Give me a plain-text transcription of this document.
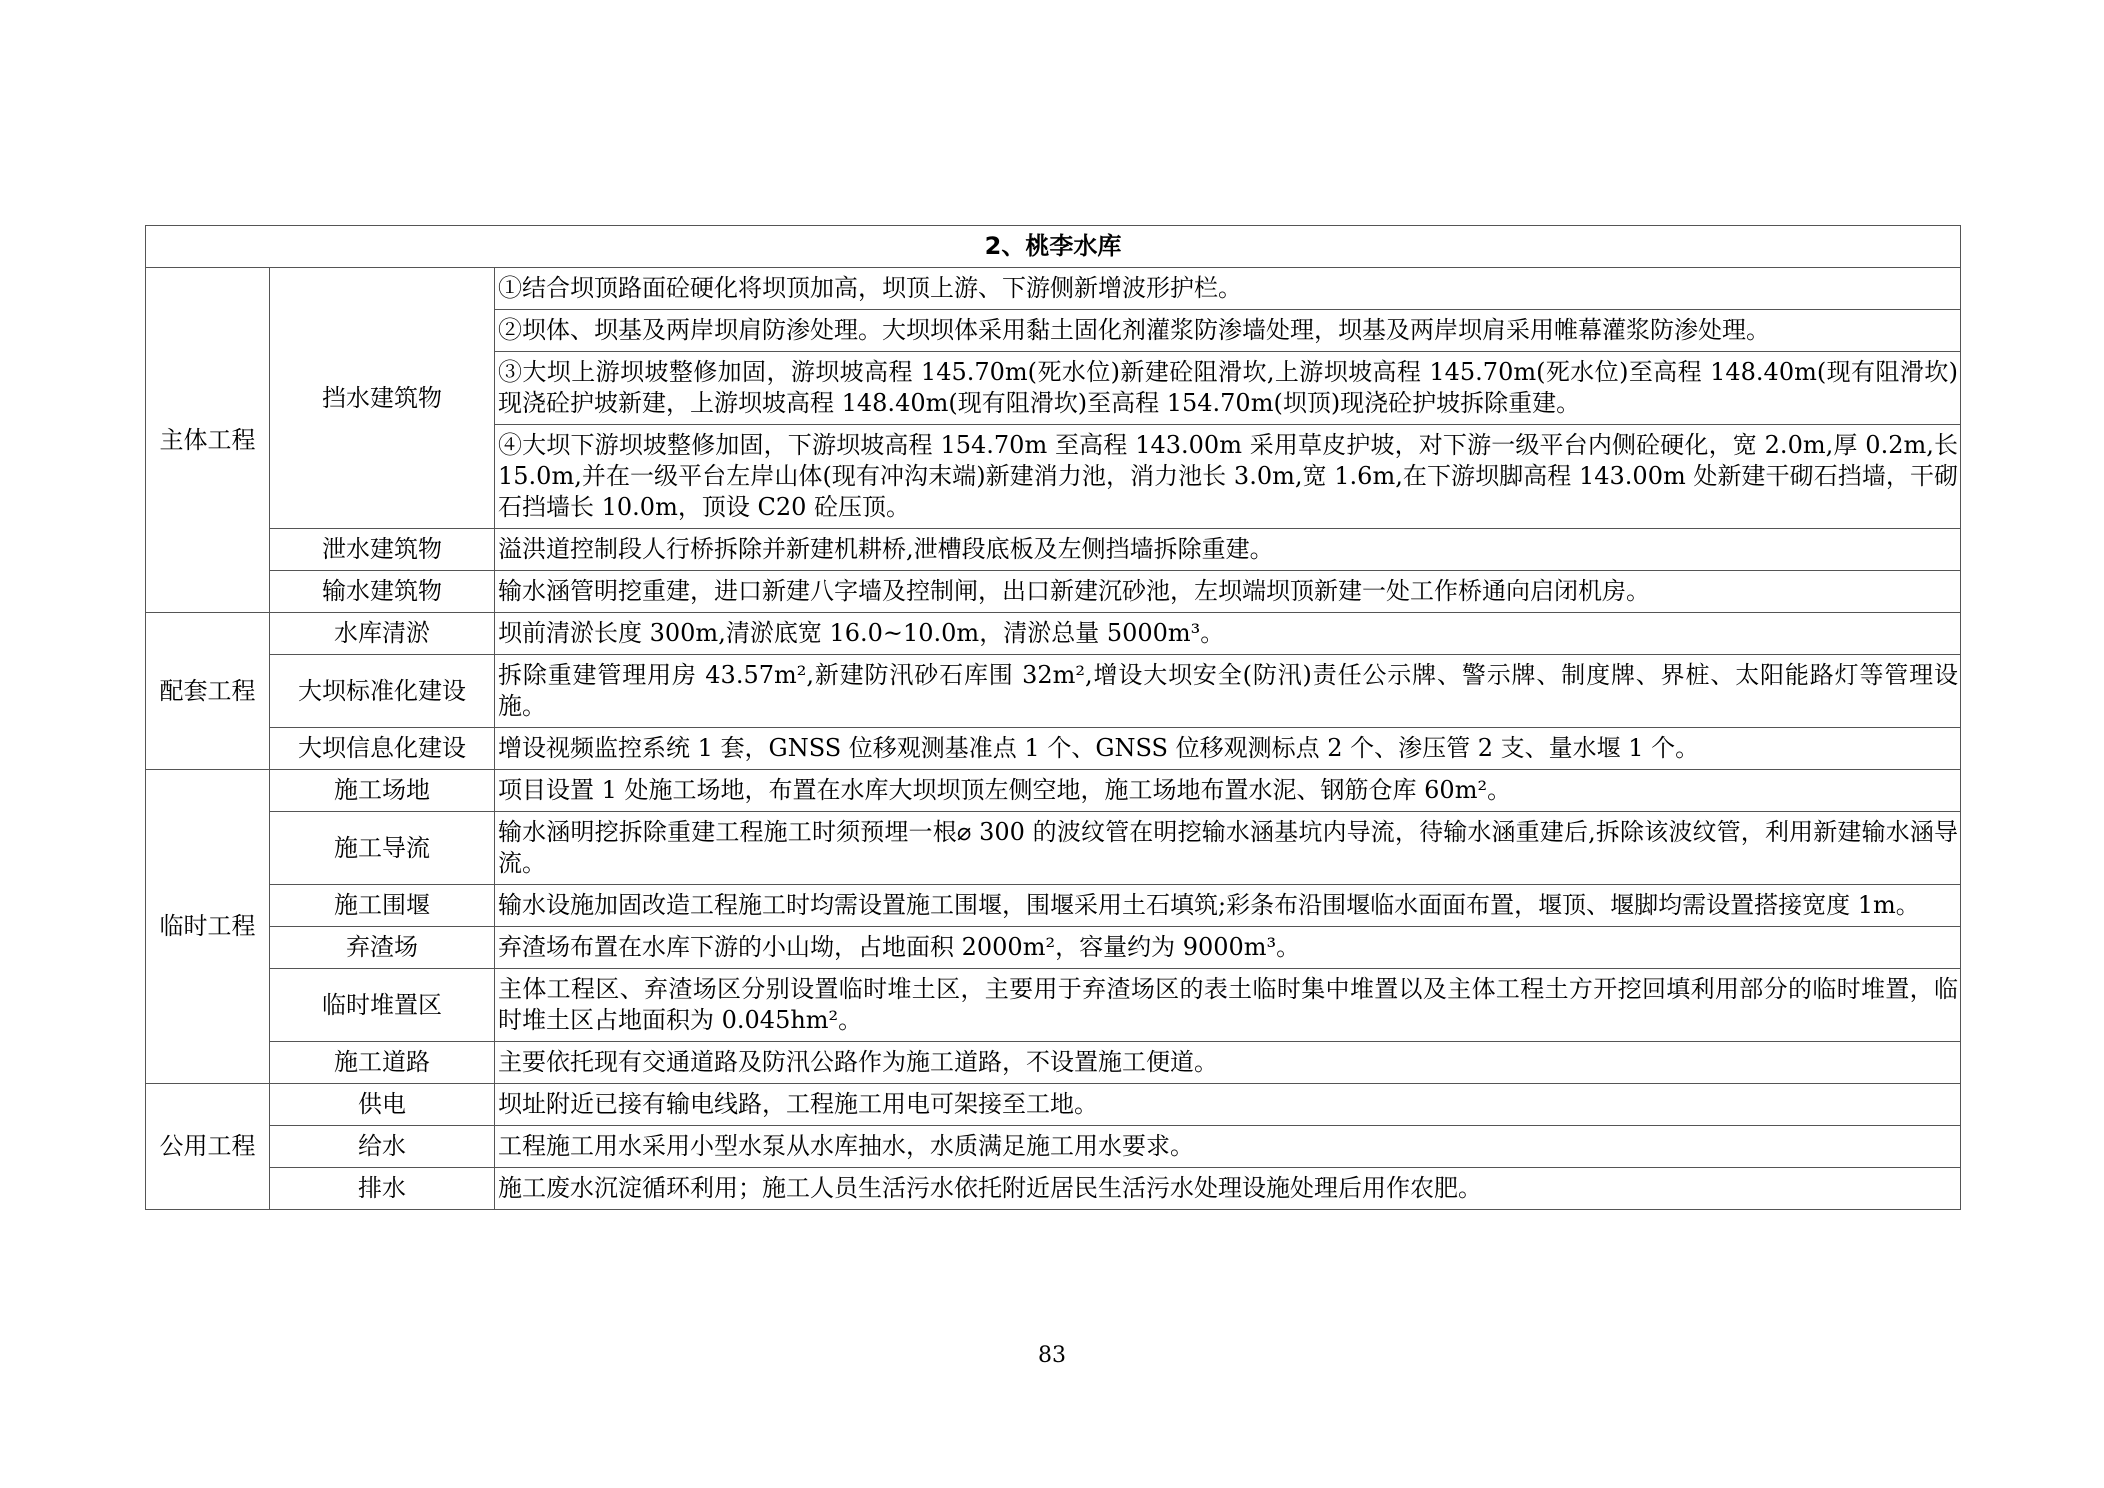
2、桃李水库		
主体工程	挡水建筑物	①结合坝顶路面砼硬化将坝顶加高，坝顶上游、下游侧新增波形护栏。
		②坝体、坝基及两岸坝肩防渗处理。大坝坝体采用黏土固化剂灌浆防渗墙处理，坝基及两岸坝肩采用帷幕灌浆防渗处理。
		③大坝上游坝坡整修加固，游坝坡高程 145.70m(死水位)新建砼阻滑坎,上游坝坡高程 145.70m(死水位)至高程 148.40m(现有阻滑坎)现浇砼护坡新建，上游坝坡高程 148.40m(现有阻滑坎)至高程 154.70m(坝顶)现浇砼护坡拆除重建。
		④大坝下游坝坡整修加固，下游坝坡高程 154.70m 至高程 143.00m 采用草皮护坡，对下游一级平台内侧砼硬化，宽 2.0m,厚 0.2m,长 15.0m,并在一级平台左岸山体(现有冲沟末端)新建消力池，消力池长 3.0m,宽 1.6m,在下游坝脚高程 143.00m 处新建干砌石挡墙，干砌石挡墙长 10.0m，顶设 C20 砼压顶。
	泄水建筑物	溢洪道控制段人行桥拆除并新建机耕桥,泄槽段底板及左侧挡墙拆除重建。
	输水建筑物	输水涵管明挖重建，进口新建八字墙及控制闸，出口新建沉砂池，左坝端坝顶新建一处工作桥通向启闭机房。
配套工程	水库清淤	坝前清淤长度 300m,清淤底宽 16.0~10.0m，清淤总量 5000m³。
	大坝标准化建设	拆除重建管理用房 43.57m²,新建防汛砂石库围 32m²,增设大坝安全(防汛)责任公示牌、警示牌、制度牌、界桩、太阳能路灯等管理设施。
	大坝信息化建设	增设视频监控系统 1 套，GNSS 位移观测基准点 1 个、GNSS 位移观测标点 2 个、渗压管 2 支、量水堰 1 个。
临时工程	施工场地	项目设置 1 处施工场地，布置在水库大坝坝顶左侧空地，施工场地布置水泥、钢筋仓库 60m²。
	施工导流	输水涵明挖拆除重建工程施工时须预埋一根⌀ 300 的波纹管在明挖输水涵基坑内导流，待输水涵重建后,拆除该波纹管，利用新建输水涵导流。
	施工围堰	输水设施加固改造工程施工时均需设置施工围堰，围堰采用土石填筑;彩条布沿围堰临水面面布置，堰顶、堰脚均需设置搭接宽度 1m。
	弃渣场	弃渣场布置在水库下游的小山坳，占地面积 2000m²，容量约为 9000m³。
	临时堆置区	主体工程区、弃渣场区分别设置临时堆土区，主要用于弃渣场区的表土临时集中堆置以及主体工程土方开挖回填利用部分的临时堆置，临时堆土区占地面积为 0.045hm²。
	施工道路	主要依托现有交通道路及防汛公路作为施工道路，不设置施工便道。
公用工程	供电	坝址附近已接有输电线路，工程施工用电可架接至工地。
	给水	工程施工用水采用小型水泵从水库抽水，水质满足施工用水要求。
	排水	施工废水沉淀循环利用；施工人员生活污水依托附近居民生活污水处理设施处理后用作农肥。
83
